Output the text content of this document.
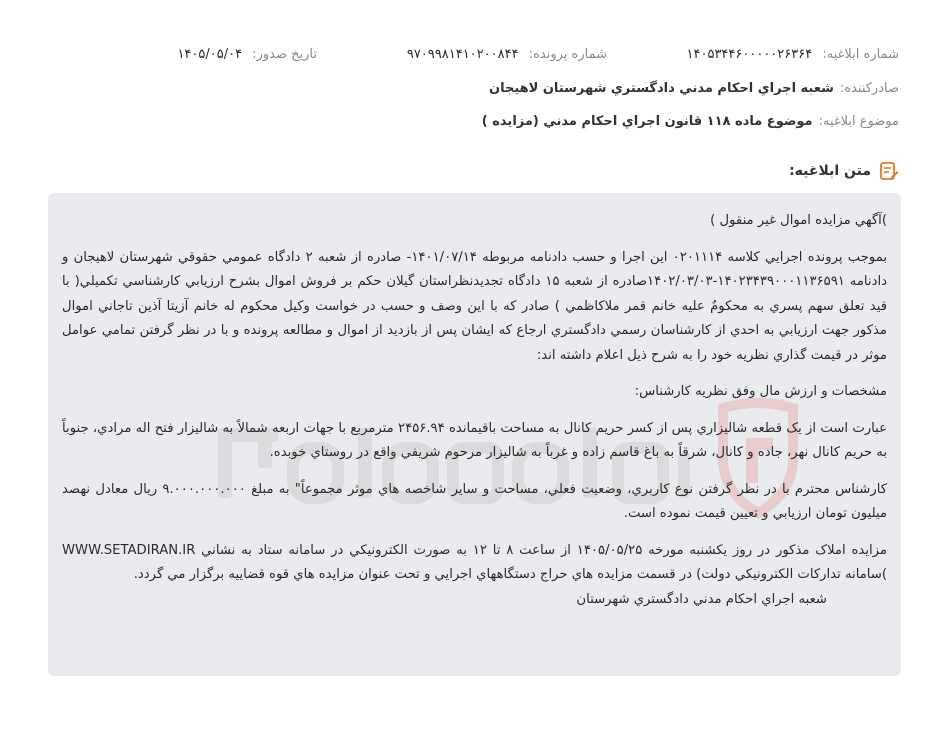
شماره ابلاغيه: ۱۴۰۵۳۴۴۶۰۰۰۰۰۲۶۳۶۴
شماره پرونده: ۹۷۰۹۹۸۱۴۱۰۲۰۰۸۴۴
تاريخ صدور: ۱۴۰۵/۰۵/۰۴
صادرکننده:
شعبه اجراي احکام مدني دادگستري شهرستان لاهيجان
موضوع ابلاغيه:
موضوع ماده ۱۱۸ قانون اجراي احکام مدني (مزايده )
متن ابلاغيه:

)آگهي مزايده اموال غير منقول )

بموجب پرونده اجرايي کلاسه ۰۲۰۱۱۱۴ اين اجرا و حسب دادنامه مربوطه ۱۴۰۱/۰۷/۱۴- صادره از شعبه ۲ دادگاه عمومي حقوقي شهرستان لاهيجان و دادنامه ۱۴۰۲۳۴۳۹۰۰۰۱۱۳۶۵۹۱-۱۴۰۲/۰۳/۰۳صادره از شعبه ۱۵ دادگاه تجديدنظراستان گيلان حکم بر فروش اموال بشرح ارزيابي کارشناسي تکميلي( با قيد تعلق سهم پسري به محکومٌ عليه خانم قمر ملاکاظمي ) صادر که با اين وصف و حسب در خواست وکيل محکوم له خانم آزيتا آذين تاجاني اموال مذکور جهت ارزيابي به احدي از کارشناسان رسمي دادگستري ارجاع که ايشان پس از بازديد از اموال و مطالعه پرونده و با در نظر گرفتن تمامي عوامل موثر در قيمت گذاري نظريه خود را به شرح ذيل اعلام داشته اند:

مشخصات و ارزش مال وفق نظريه کارشناس:

عبارت است از يک قطعه شاليزاري پس از کسر حريم کانال به مساحت باقيمانده ۲۴۵۶.۹۴ مترمربع با جهات اربعه شمالاً به شاليزار فتح اله مرادي، جنوباً به حريم کانال نهر، جاده و کانال، شرقاً به باغ قاسم زاده و غرباً به شاليزار مرحوم شريفي واقع در روستاي خوبده.

کارشناس محترم با در نظر گرفتن نوع کاربري، وضعيت فعلي، مساحت و ساير شاخصه هاي موثر مجموعاً" به مبلغ ۹.۰۰۰.۰۰۰.۰۰۰ ريال معادل نهصد ميليون تومان ارزيابي و تعيين قيمت نموده است.

مزايده املاک مذکور در روز يکشنبه مورخه ۱۴۰۵/۰۵/۲۵ از ساعت ۸ تا ۱۲ به صورت الکترونيکي در سامانه ستاد به نشاني WWW.SETADIRAN.IR )سامانه تدارکات الکترونيکي دولت) در قسمت مزايده هاي حراج دستگاههاي اجرايي و تحت عنوان مزايده هاي قوه قضاييه برگزار مي گردد.

شعبه اجراي احکام مدني دادگستري شهرستان
